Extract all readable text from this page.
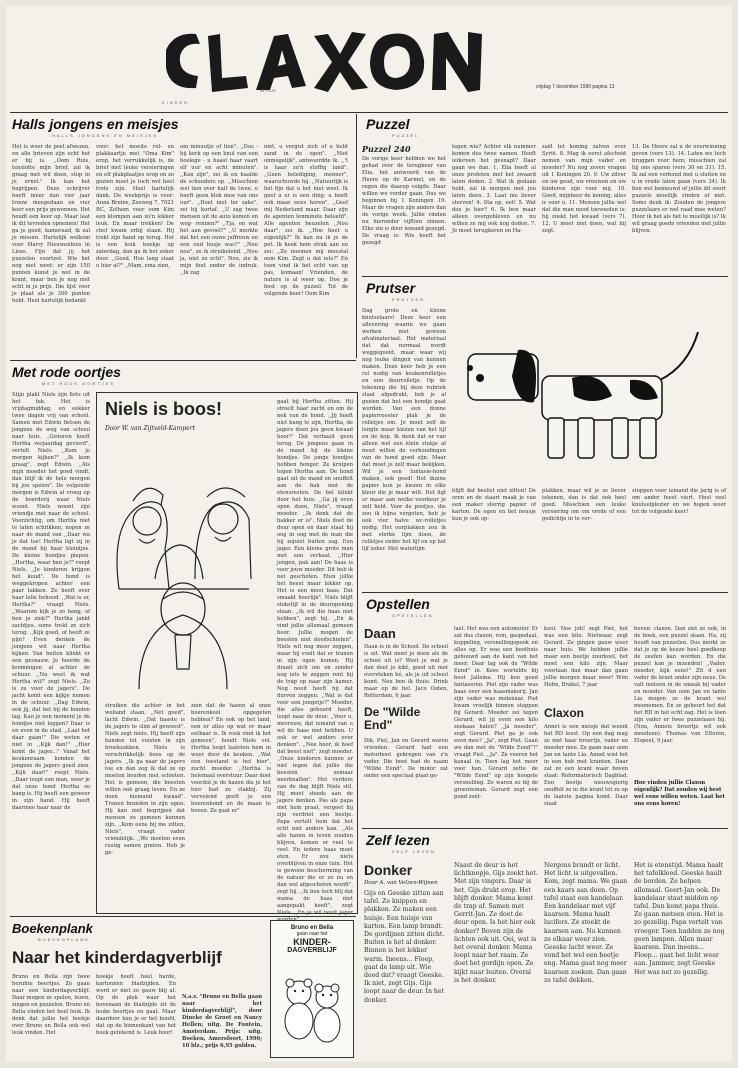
IN PLUS
KINDER
vrijdag 7 december 1990 pagina 13
Halls jongens en meisjes
HALLS JONGENS EN MEISJES
Het is weer de post afwezen, en alle brieven zijn echt het er bij is. ,,Oom Ruis, tenslotte mijn brief, zal ik graag met wil doen, stop in je ernst." Ik kan het begrijpen. Deze schrijver heeft meer dan vier jaar trouw meegedaan en vier keer een prijs gewonnen. Het houdt een keer op. Maar laat ik dit tevreden opnemen! Het ga je goed, kameraad, ik zal je missen. Hartelijk welkom voor Marry Nieuwenhuis in Lisse. Fijn dat jij het puzzelen voortzet. Wie het nog niet weet: er zijn 150 punten kunst je wel in de krant, maar ben je nog niet echt in je prijs. Die lijst voor je plaat als je 300 punten hebt. Heel hartelijk bedankt
voor: het moeite rol- en plakkaartje met "Oma Kim" erop, het verrukkelijk is, de brief met leuke versieringen en elf plakplaatjes erop en zo gezien moet je toch wel heel trots zijn. Heel hartelijk dank. De weekprijs is voor: Anna Bruins, Zeeweg 7, 7021 BC, Zelhem voor oom Kim een klompen aan zo'n lekker leuk. En maar trekken! De chef kwam erbij staan. Hij trekt zijn hand op terug. Het is een leuk boekje op zaterdag, dan ga ik het zeker door. ,,Goed. Hoe lang staat u hier al?" ,,Mam, ema zien,
om minuutje of tien". ,,Dus - hij kerk op een knul van een boelege - u haast haar vaart elf uur en acht minuten". ,,Kan zijn", zei ik en haalde de schouders op. ,,Misschien wel tien over half de twee. u heeft geen klok mee van ons uur". ,,Doet niet ter zake", zei hij kortaf. ,,U zag twee mensen uit de auto komen en weg- rennen?" ,,Tja, en wat het aan gevoel?" ,,U merkte dat het een ouwe juffrouw en een oud busje was?" ,,Nou nou", zo ik struikelend. ,,Nou ja, niet zo echt". Nou, zie ik mijn fout onder de indruk. ,,Ik zag
niet, u vergist zich of u hebt zand in de ogen". ,,Niet onmogelijk", antwoordde ik. ,,'t is haar zo'n stoffig land". ,,Geen belediging, meneer", waarschuwde hij. ,,Natuurlijk is het fijn dat u het niet weet. Ik geef u er is een ding: u hoeft ook maar eens horen". ,,Geef mij Nederland maar. Daar zijn de agenten tenminste beleefd". Alle agenten beuzelen ,,Nou daar", zei ik. ,,Hoe heet u eigenlijk?" Ik kan nu ik je de pet. Ik keek hem strak aan en zei: ,,Ze noemen mij meestal oom Kim. Zegt u dat iets?" En toen vind ik het echt van op pas, komaan! Vrienden, de nature is al weer op. Doe je best op de puzzel. Tot de volgende keer! Oom Kim
Puzzel
PUZZEL
Puzzel 240
De vorige keer hebben we het gehad over de terugkeer van Elia, het antwoord van de Heere op de Karmel, en de regen die daarop volgde. Daar willen we verder gaan. Dus we beginnen bij 1 Koningen 19. Maar de vragen zijn anders dan de vorige week. Jullie vinden nu hieronder vijftien zinnen. Elke zin is door iemand gezegd. De vraag is: Wie heeft het gezegd
tegen wie? Achter elk nummer komen dus twee namen. Heeft iedereen het gesnapt? Daar gaan we dan. 1. Elia heeft al onze profeten met het zwaard laten doden. 2. Wat ik gedaan hebt, zal ik morgen met jou laten doen. 3. Laat me liever sterven! 4. Sta op, eet! 5. Wat doe je hier? 6. Ik ben maar alleen overgebleven en nu willen ze mij ook nog doden. 7. Je moet terugkeren en Ha-
zaël tot koning zalven over Syrië. 8. Mag ik eerst afscheid nemen van mijn vader en moeder? Nu nog zeven vragen uit 1 Koningen 20. 9. Uw zilver en uw goud, uw vrouwen en uw kinderen zijn voor mij. 10. Goed, mijnheer de koning, alles is voor u. 11. Mensen jullie wel dat die man nood toevoeden is; hij zoekt het kwaad (vers 7). 12. U moet niet doen, wat hij zegt.
13. De Heere zal u de overwinning geven (vers 13). 14. Laten we toch bruggen voor hem; misschien zal hij ons sparen (vers 30 en 31). 15. Ik zal een verbond met u sluiten en u in vrede laten gaan (vers 34). Ik ben wel benieuwd of jullie dit soort puzzels moeilijk vinden of niet. Soms denk ik: Zouden de jongere puzzelaars er wel raad mee weten? Hoor ik het als het te moeilijk is? Ik wil graag goede vrienden met jullie blijven.
Met rode oortjes
MET RODE OORTJES
Stijn plakt Niels zijn fiets uit het tek. Het is vrijdagmiddag, en eekker twee dagen vrij van school. Samen met Edwin fietsen de jongens de weg van school naar huis. ,,Gisteren heeft Hertha verjaardag gevierd", vertelt Niels. ,,Kom je morgen kijken?" ,,Ik kom graag", zegt Edwin. ,,Als mijn moeder het goed vindt, dan blijf ik de hele morgen bij jou spelen". De volgende morgen is Edwin al vroeg op de boerderij waar Niels woont. Niels woont zijn vriendje met naar de school. Voorzichtig, om Hertha niet te laten schrikken, nopen ze naar de mand van ,,Daar wa je dat toe! Hertha ligt zij in de mand bij haar kleintjes. De kleine hondjes piepen. ,,Hertha, waar ben je?" roept Niels. ,,Je kinderen krijgen het koud". De hond is weggekropen achter een paar takken. Ze heeft over haar lelie behoud. ,,Wat is er, Hertha?" vraagt Niels. ,,Waarom kijk je zo bang, of ben je ziek?" Hertha jankt zachtjes, soms trekt ze zich terug. ,,Kijk goed, of heeft ze pijn? Even denken de jongens wil naar Hertha kijken. Van buiten klinkt er een gesnauw. Je hoorde de krommigen al achter de schuur. ,,Nu weet ik wat Hertha wil!" zegt Niels. ,,Zo is ze voor de jagers". De jacht komt een kijkje nemen in de schuur. ,,Dag Edwin, ook jij, dat het bij de honden lag. Kan je een moment je de hondjes niet leggen? Daar is en even in de stad. ,,Laat het daar gaan!" Die weten er niet in ,,Kijk dan!" ,,Hier komt de jager..." Vanaf het keukenraam konden de jongens de jagers goed zien. ,,Kijk daar!" roept Niels. ,,Daar loopt een man, weer je dat onze hond Hertha zo bang is. Hij heeft een geweer in zijn hand. Hij heeft daarmee haar naar de
Niels is boos!
Door W. van Zijtveld-Kampert
struiken die achter in het weiland staan. ,,Net goed", lacht Edwin. ,,Dat haaste is de jagers te slim af geweest". Niels zegt niets. Hij heeft zijn handen tot vuisten in zijn broekzakken. Niels is verschrikkelijk boos op de jagers. ,,Ik ga naar de jagers toe en dan zeg ik dat ze op moeten houden met schieten. Het is gemeen, die beesten willen ook graag leven. En ze doen niemand kwaad". Tranen branden in zijn ogen. Hij kan niet begrijpen dat mensen zo gemeen kunnen zijn. ,,Kom eens bij me zitten, Niels", vraagt vader vriendelijk. ,,We moeten even rustig samen praten. Heb je ge-
zien dat de hazen al onze boerenkool opgegeten hebben? En ook op het land, een er alles op wat er maar eetbaar is. Ik rook vind ik het gemeen", houdt Niels vol. Hertha loopt laatsten hem in weer door de keuken. ,,Wat een toestand is het hier", zucht moeder. ,,Hertha is helemaal overstuur. Daar doet voordat je de hazen die je het hier had zo vlakbij. Zij vervelend geeft je een boerenhond en de maan te boven. Ze gaat er"
gaat bij Hertha zitten. Hij streelt haar zacht en om de nek van de hond. ,,Jij hoeft niet bang te zijn, Hertha, de jagers doen jou geen kwaad hoor!" Dat verhaalt geen terug. De jongens gaan in de mand bij de kleine hondjes. De jonge hondjes hebben honger. Ze kruipen tegen Hertha aan. De hond gaat uit de mand en snuffelt aan de bak met de etensresten. De bel klinkt door het huis. ,,Ga jij even open doen, Niels", vraagt moeder. ,,Ik denk dat de bakker er is". Niels doet de deur open en daar staat hij oog in oog met de man die hij zojuist buiten zag. Een jager. Een kleine grote man met een verhaal. ,,Hier jongen, pak aan! De haas is voor jouw moeder. Dit heb ik net geschoten. Eten jullie het beest maar lekker op. Het is een mooi haas. Dat smaakt heerlijk". Niels blijft stokstijf in de deuropening staan. ,,Ik wil die haas niet hebben", zegt hij. ,,En ik vind jullie allemaal gemeen hoor. Jullie mogen de beesten niet doodschieten". Niels wil nog meer zeggen, maar hij voelt dat er tranen in zijn ogen komen. Hij draait zich om en zonder nog iets te zeggen rent hij de trap op naar zijn kamer. Nog nooit heeft hij dat durven zeggen. ,,Wat is dat voor een jongetje?" Moeder, die alles gehoord heeft, loopt naar de deur. ,,Voor u, mevrouw, dat iemand van u wil de haas niet hebben. U ook er wel anders over denken". ,,Nee hoor, ik hoef dat beest niet", zegt moeder. ,,Onze kinderen kunnen er niet tegen dat jullie die beesten zomaar neerknallen". Het verdere van de dag blijft Niels stil. Hij moet steeds aan de jagers denken. Pas als papa met hem praat, vergeet hij zijn verdriet een beetje. Papa vertelt hem dat het echt niet anders kan. ,,Als alle hazen in leven zouden blijven, komen er veel te veel. En iedere haas moet eten. Er zou niets overblijven in onze tuin. Het is gewoon bescherming van de natuur die er zo nu en dan wel afgeschoten wordt", zegt hij. ,,Ik ben toch blij dat mama de haas niet aangepakt heeft", zegt Niels. ,,En je wil nooit jager
Prutser
PRUTSER
Dag grote en kleine knutselaars! Deze keer een aflevering waarin we gaan werken met gewoon afvalmateriaal. Het materiaal dat dat normaal wordt weggegooid, maar waar wij nog leuke dingen van kunnen maken. Deze keer heb je een rol nodig van keukenrolletjes en een deurrolletje. Op de tekening die bij deze rubriek staat afgedrukt, heb je al gezien dat het een hondje gaat worden. Van een dunne papierrooster plak je de rolletjes om. Je moet zelf de lengte maar kiezen van het lijf en de kop. Ik denk dat er van alleen wel een klein stukje af moet willen de verhoudingen van de hond goed zijn. Maar dat moet je zelf maar bekijken. Wil je een fantasie-hond maken, ook goed! Het dunne papier kun je kiezen in elke kleur die je maar wilt. Het ligt er maar aan welke voorkeur je zelf hebt. Voor de pootjes, die zou ik bijna vergeten, heb je ook vier halve wc-rolletjes nodig. Het oorplakken zou ik met sterke lijm doen, de rolletjes onder het lijf en op het lijf zeker. Met waterlijm
blijft dat beslist niet zitten! De oren en de staart maak je van een maker sterrig papier of karton. De ogen en het neusje kun je ook op-
plakken, maar wil je ze liever tekenen, dan is dat ook heel goed. Misschien een leuke versiering om om vrede of een gedichtje in te ver-
stoppen voor iemand die jarig is of om ander feest viert. Heel veel knutselplezier en we hopen weer tot de volgende keer!
Opstellen
OPSTELLEN
Daan
Daan is in de School. De school is uit. Wat moet je doen als de school uit is? Weet je wat je dan doet je kikt, goed uit met oversteken hé, als je uit school komt. Nou ben ik thuis. Drink maar op de hel. Jaco Ooten, Rotterdam, 6 jaar.
De "Wilde End"
Dik, Piet, Jan en Gerard waren vrienden. Gerard had een motorboot gekregen van z'n vader. Die boot had de naam "Wilde Eend". De motor zat onder een speciaal plaat ge-
last. Het was een automotor. Er zat dus claxon, rem, gaspedaal, koppeling, versnellingspook en alles op. Er was een boothuis gebouwd aan de kant van het meer. Daar lag ook de "Wilde Eend" in. Kees wortelde bij boot Jallema. Hij kon goed fantaseren. Piet zijn vader was baas over een kaasmakerij. Jan zijn vader was molenaar. Piet kwam vroolijk binnen stappen bij Gerard. Moeder zei tegen Gerard, wil jij even een kilo zeekaas halen? ,,Ja moeder", zegt Gerard. Piet ga je ook even mee? ,,Ja", zegt Piet. Gaan we dan met de "Wilde Eend"?" vraagt Piet. ,,Ja". Ze voeren het kanaal in. Toen lag het meer voor hen. Gerard zette de "Wilde Eend" op zijn hoogste versnelling. Ze waren zo bij de groenteman. Gerard zegt een pond zoet-
kool. Nee joh! zegt Piet, het was een kilo. Nietwaar, zegt Gerard. Ze gingen gauw weer naar huis. We hebben jullie maar een beetje zuurkool, het moet een kilo zijn. Maar voortaan dan maar dan gaan jullie morgen maar weer! Wim Hohn, Brakel, 7 jaar
Claxon
Annet is een meisje dat woont het RD leest. Op een dag mag ze met haar broertje, vader en moeder mee. Ze gaan naar oom Jan en tante Lia. Annet wist het in een huk met kranten. Daar zat ze een krant waar boven staat: Reformatorisch Dagblad. Een beetje nieuwsgierig snuffelt ze in die krant tot ze op de laatste pagina komt. Daar staat
boven: claxon. Dan ziet ze ook, in de boek, een puzzel staan. Ha, zij houdt van puzzelen. Dus merkt ze dat je op de keuze heel goedkoop de zeefen kan worden. En die puzzel kan je inzenden! ,,Vader, moeder, kijk eens!" Zit d een vader de krant onder zijn neus. De valt meteen in de smaak bij vader en moeder. Van oom Jan en tante Lia mogen ze de krant wel meenemen. En ze gebeurt het dat het RD in het echt zag. Het is toen zijn vader er twee puzzelaars bij. (Nou, Annets broertje wil ook meedoen). Thomas van Elteren, Elspeet, 9 jaar.
Hoe vinden jullie Claxon eigenlijk? Dat zouden wij best wel eens willen weten. Laat het ons eens horen!
Zelf lezen
ZELF LEZEN
Donker
Door A. van Velzen-Wijnen
Gijs en Geeske zitten aan tafel. Ze knippen en plakken. Ze maken een huisje. Een huisje van karton. Een lamp brandt. De gordijnen zitten dicht. Buiten is het al donker. Binnen is het lekker warm. Ineens... Floep, gaat de lamp uit. Wie deed dat? vraagt Geeske. Ik niet, zegt Gijs. Gijs loopt naar de deur. In het donker.
Naast de deur is het lichtknopje. Gijs zoekt het. Met zijn vingers. Daar is het. Gijs drukt erop. Het blijft donker. Mama komt de trap af. Samen met Gerrit-Jan. Ze doet de deur open. Is het hier ook donker? Boven zijn de lichten ook uit. Oei, wat is het overal donker. Mama loopt naar het raam. Ze doet het gordijn open. Ze kijkt naar buiten. Overal is het donker.
Nergens brandt er licht. Het licht is uitgevallen. Kom, zegt mama. We gaan een kaars aan doen. Op tafel staat een kandelaar. Een kandelaar met vijf kaarsen. Mama haalt lucifers. Ze steekt de kaarsen aan. Nu kunnen ze elkaar weer zien. Geeske lacht weer. Ze vond het wel een beetje eng. Mama gaat nog meer kaarsen zoeken. Dan gaan ze tafel dekken.
Het is etenstijd. Mama haalt het tafelkleed. Geeske haalt de borden. Ze helpen allemaal. Geert-Jan ook. De kandelaar staat midden op tafel. Dan komt papa thuis. Ze gaan meteen eten. Het is zo gezellig. Papa vertelt van vroeger. Toen hadden ze nog geen lampen. Allen maar kaarsen. Dan ineens... Floep... gaat het licht weer aan. Jammer, zegt Geeske Het was net zo gezellig.
Boekenplank
BOEKENPLANK
Naar het kinderdagverblijf
Bruno en Bella zijn twee beruhte beertjes. Ze gaan naar een kinderdagverblijf. Daar mogen ze spelen, lezen, zingen en puzzelen. Bruno en Bella vinden het heel leuk. Ik denk dat jullie het boekje over Bruno en Bella ook wel leuk vinden. Het
boekje heeft heel harde, kartonnen bladzijden. En word er niet zo gauw blij af. Op de plek waar het bovenaan de bladzijde zit de leuke beertjes en gaat. Maar daardoor kun je er het hoofd, dat op de binnenkant van het boek getekend is. Leuk hoor!
N.a.v. "Bruno en Bella gaan naar het kinderdagverblijf", door Dineke de Groot en Nancy Hellen; uitg. De Fontein, Amsterdam. Prijs: uitg. Boeken, Amersfoort, 1990; 10 blz.; prijs 6,95 gulden.
Bruno en Bella
gaan naar het
KINDER-
DAGVERBLIJF
